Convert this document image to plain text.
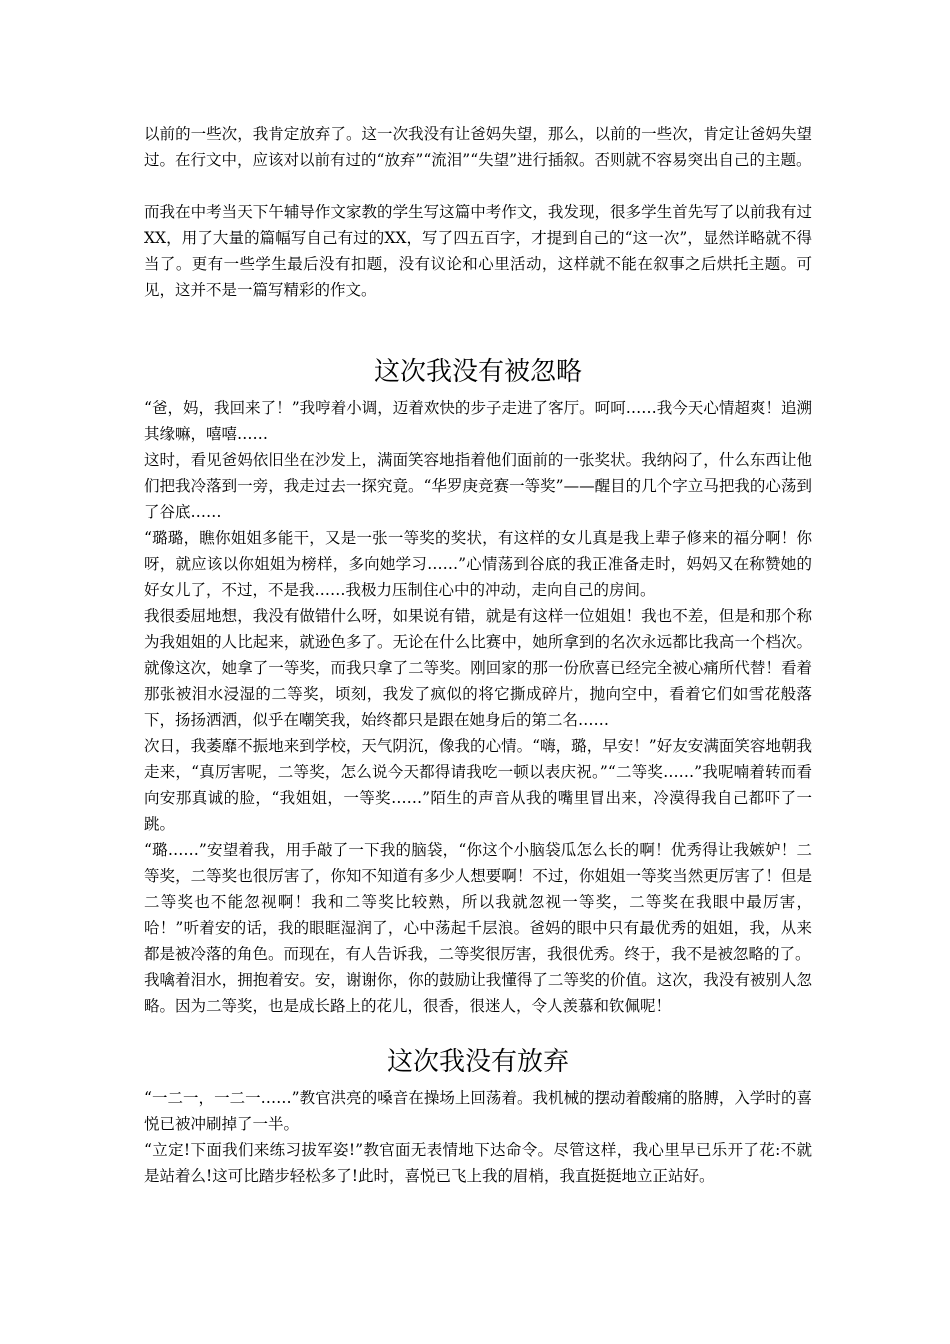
以前的一些次，我肯定放弃了。这一次我没有让爸妈失望，那么，以前的一些次，肯定让爸妈失望过。在行文中，应该对以前有过的“放弃”“流泪”“失望”进行插叙。否则就不容易突出自己的主题。

而我在中考当天下午辅导作文家教的学生写这篇中考作文，我发现，很多学生首先写了以前我有过XX，用了大量的篇幅写自己有过的XX，写了四五百字，才提到自己的“这一次”，显然详略就不得当了。更有一些学生最后没有扣题，没有议论和心里活动，这样就不能在叙事之后烘托主题。可见，这并不是一篇写精彩的作文。

这次我没有被忽略

“爸，妈，我回来了！”我哼着小调，迈着欢快的步子走进了客厅。呵呵……我今天心情超爽！追溯其缘嘛，嘻嘻……

这时，看见爸妈依旧坐在沙发上，满面笑容地指着他们面前的一张奖状。我纳闷了，什么东西让他们把我冷落到一旁，我走过去一探究竟。“华罗庚竞赛一等奖”——醒目的几个字立马把我的心荡到了谷底……

“璐璐，瞧你姐姐多能干，又是一张一等奖的奖状，有这样的女儿真是我上辈子修来的福分啊！你呀，就应该以你姐姐为榜样，多向她学习……”心情荡到谷底的我正准备走时，妈妈又在称赞她的好女儿了，不过，不是我……我极力压制住心中的冲动，走向自己的房间。

我很委屈地想，我没有做错什么呀，如果说有错，就是有这样一位姐姐！我也不差，但是和那个称为我姐姐的人比起来，就逊色多了。无论在什么比赛中，她所拿到的名次永远都比我高一个档次。就像这次，她拿了一等奖，而我只拿了二等奖。刚回家的那一份欣喜已经完全被心痛所代替！看着那张被泪水浸湿的二等奖，顷刻，我发了疯似的将它撕成碎片，抛向空中，看着它们如雪花般落下，扬扬洒洒，似乎在嘲笑我，始终都只是跟在她身后的第二名……

次日，我萎靡不振地来到学校，天气阴沉，像我的心情。“嗨，璐，早安！”好友安满面笑容地朝我走来，“真厉害呢，二等奖，怎么说今天都得请我吃一顿以表庆祝。”“二等奖……”我呢喃着转而看向安那真诚的脸，“我姐姐，一等奖……”陌生的声音从我的嘴里冒出来，冷漠得我自己都吓了一跳。

“璐……”安望着我，用手敲了一下我的脑袋，“你这个小脑袋瓜怎么长的啊！优秀得让我嫉妒！二等奖，二等奖也很厉害了，你知不知道有多少人想要啊！不过，你姐姐一等奖当然更厉害了！但是二等奖也不能忽视啊！我和二等奖比较熟，所以我就忽视一等奖，二等奖在我眼中最厉害，哈！”听着安的话，我的眼眶湿润了，心中荡起千层浪。爸妈的眼中只有最优秀的姐姐，我，从来都是被冷落的角色。而现在，有人告诉我，二等奖很厉害，我很优秀。终于，我不是被忽略的了。

我噙着泪水，拥抱着安。安，谢谢你，你的鼓励让我懂得了二等奖的价值。这次，我没有被别人忽略。因为二等奖，也是成长路上的花儿，很香，很迷人，令人羡慕和钦佩呢！

这次我没有放弃

“一二一，一二一……”教官洪亮的嗓音在操场上回荡着。我机械的摆动着酸痛的胳膊，入学时的喜悦已被冲刷掉了一半。

“立定!下面我们来练习拔军姿!”教官面无表情地下达命令。尽管这样，我心里早已乐开了花:不就是站着么!这可比踏步轻松多了!此时，喜悦已飞上我的眉梢，我直挺挺地立正站好。
